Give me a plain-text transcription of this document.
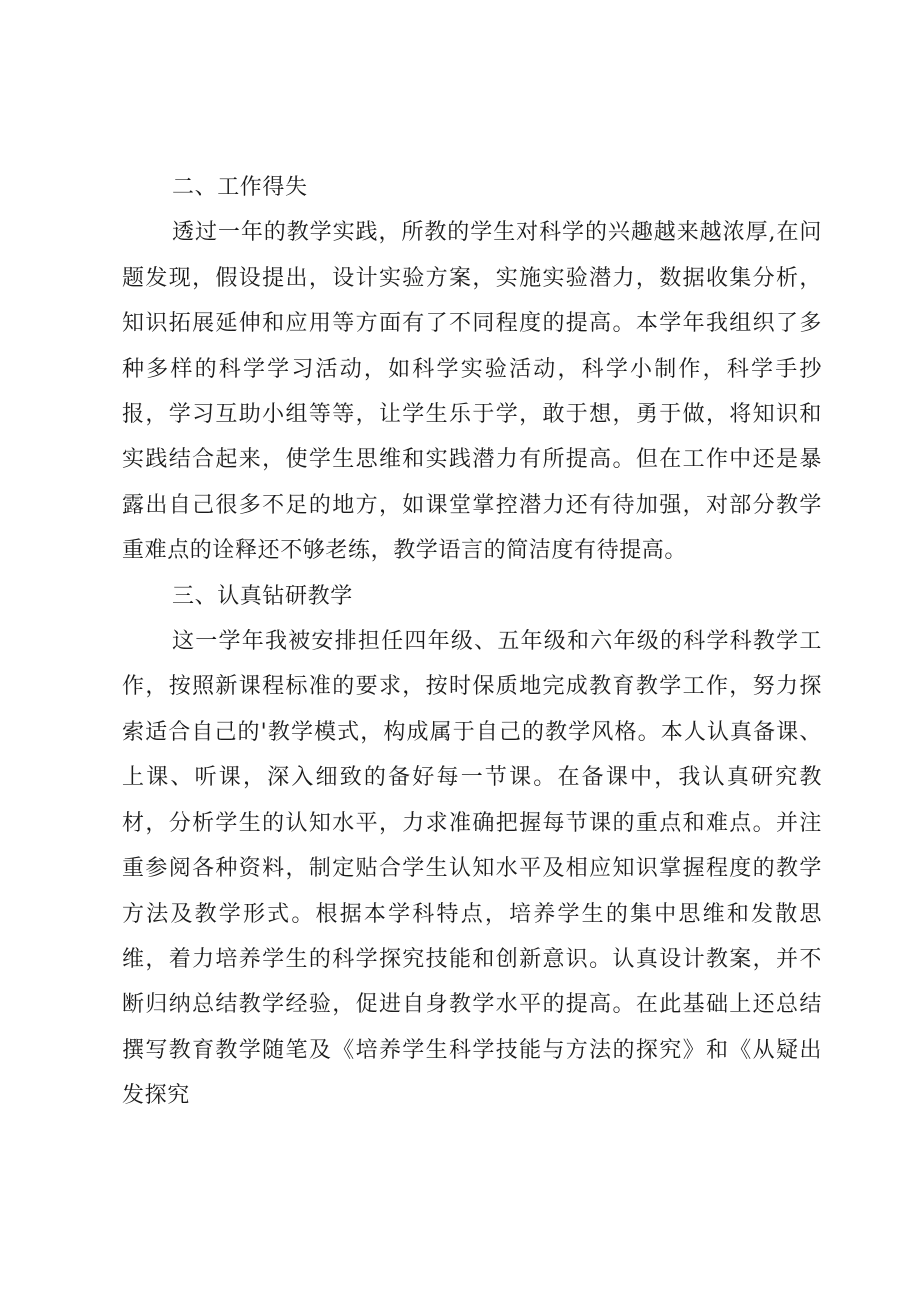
二、工作得失

透过一年的教学实践，所教的学生对科学的兴趣越来越浓厚,在问题发现，假设提出，设计实验方案，实施实验潜力，数据收集分析，知识拓展延伸和应用等方面有了不同程度的提高。本学年我组织了多种多样的科学学习活动，如科学实验活动，科学小制作，科学手抄报，学习互助小组等等，让学生乐于学，敢于想，勇于做，将知识和实践结合起来，使学生思维和实践潜力有所提高。但在工作中还是暴露出自己很多不足的地方，如课堂掌控潜力还有待加强，对部分教学重难点的诠释还不够老练，教学语言的简洁度有待提高。

三、认真钻研教学

这一学年我被安排担任四年级、五年级和六年级的科学科教学工作，按照新课程标准的要求，按时保质地完成教育教学工作，努力探索适合自己的'教学模式，构成属于自己的教学风格。本人认真备课、上课、听课，深入细致的备好每一节课。在备课中，我认真研究教材，分析学生的认知水平，力求准确把握每节课的重点和难点。并注重参阅各种资料，制定贴合学生认知水平及相应知识掌握程度的教学方法及教学形式。根据本学科特点，培养学生的集中思维和发散思维，着力培养学生的科学探究技能和创新意识。认真设计教案，并不断归纳总结教学经验，促进自身教学水平的提高。在此基础上还总结撰写教育教学随笔及《培养学生科学技能与方法的探究》和《从疑出发探究
